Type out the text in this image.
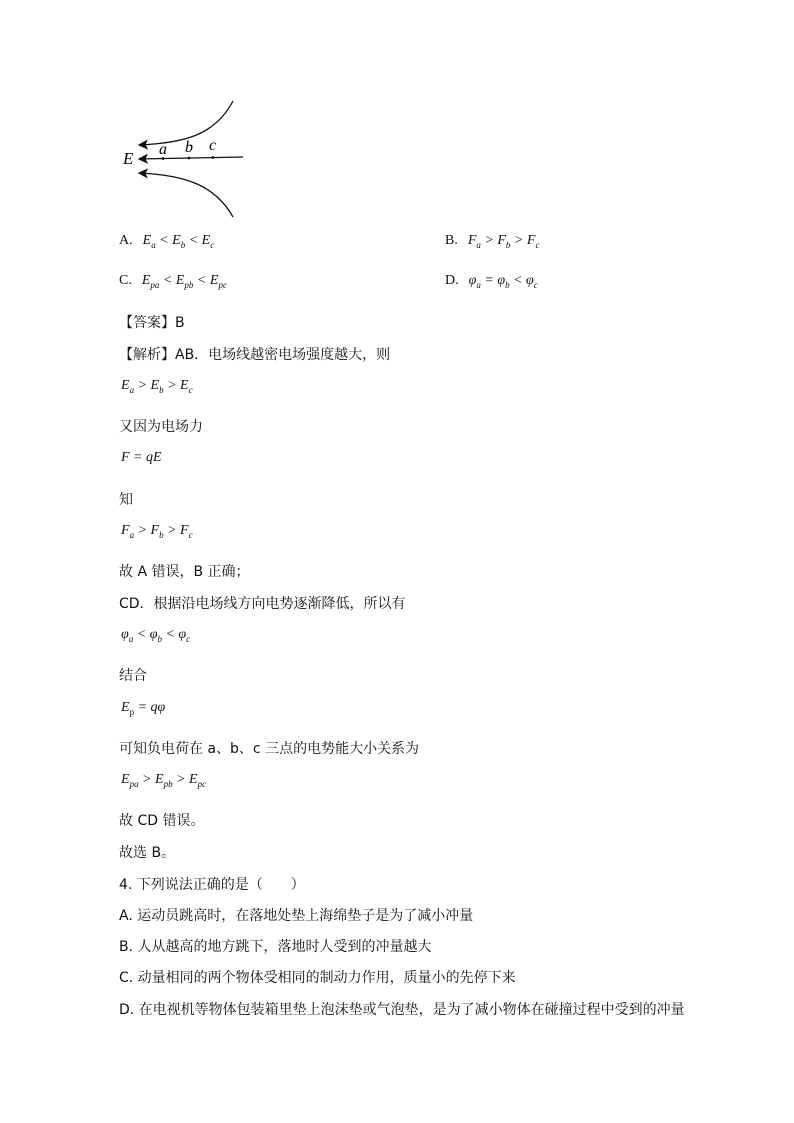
a b c
E
A. $E_a < E_b < E_c$	B. $F_a > F_b > F_c$
C. $E_{pa} < E_{pb} < E_{pc}$	D. $\varphi_a = \varphi_b < \varphi_c$
【答案】B
【解析】AB．电场线越密电场强度越大，则
$E_a > E_b > E_c$
又因为电场力
F = qE
知
$F_a > F_b > F_c$
故 A 错误，B 正确；
CD．根据沿电场线方向电势逐渐降低，所以有
$\varphi_a < \varphi_b < \varphi_c$
结合
$E_p = q\varphi$
可知负电荷在 a、b、c 三点的电势能大小关系为
$E_{pa} > E_{pb} > E_{pc}$
故 CD 错误。
故选 B。
4. 下列说法正确的是（　　）
A. 运动员跳高时，在落地处垫上海绵垫子是为了减小冲量
B. 人从越高的地方跳下，落地时人受到的冲量越大
C. 动量相同的两个物体受相同的制动力作用，质量小的先停下来
D. 在电视机等物体包装箱里垫上泡沫垫或气泡垫，是为了减小物体在碰撞过程中受到的冲量
